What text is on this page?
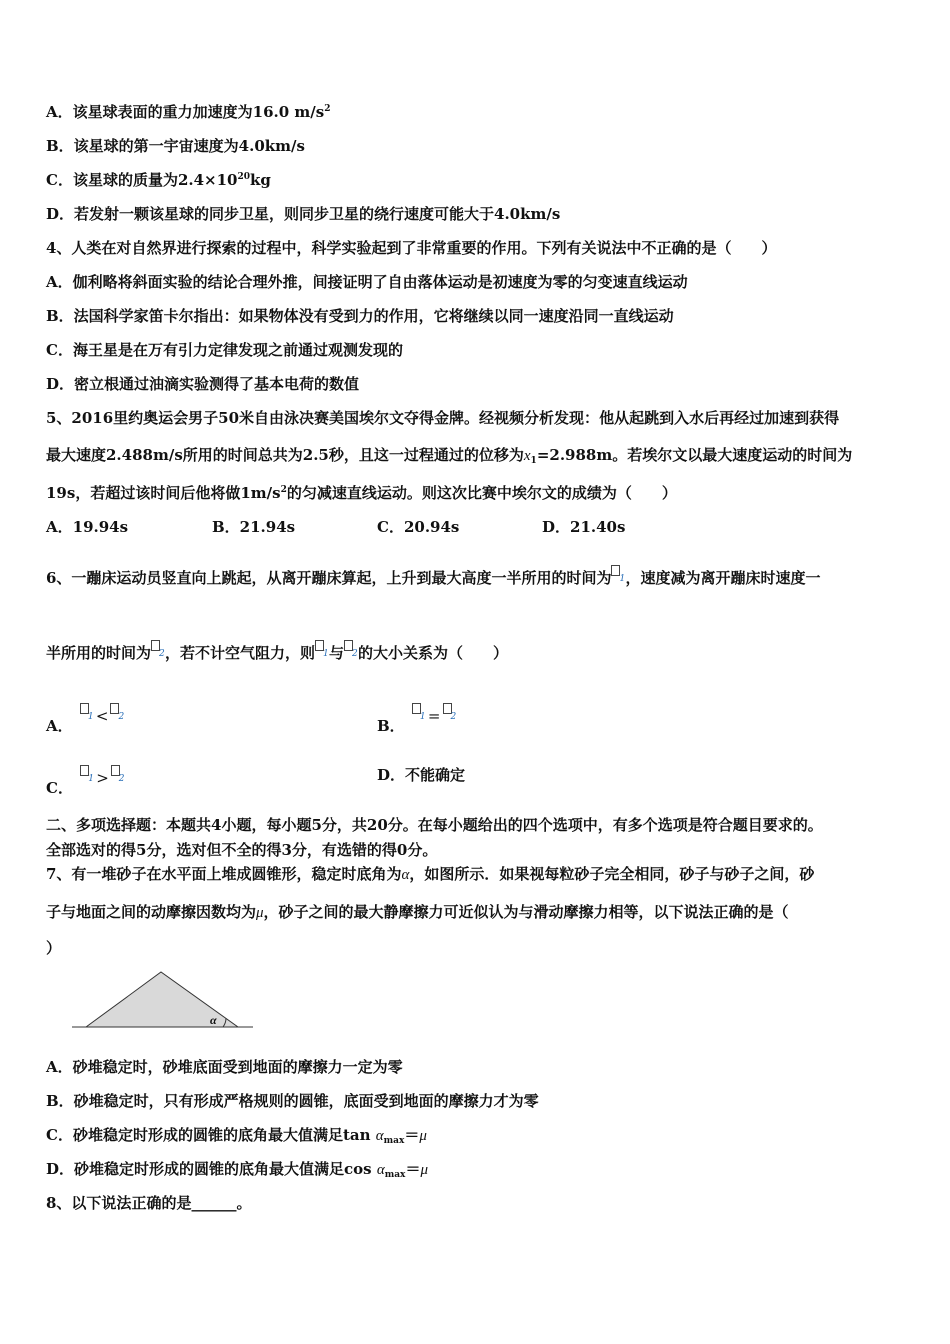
A．该星球表面的重力加速度为16.0 $m/s^2$
B．该星球的第一宇宙速度为4.0km/s
C．该星球的质量为$2.4\times 10^{20}kg$
D．若发射一颗该星球的同步卫星，则同步卫星的绕行速度可能大于4.0km/s
4、人类在对自然界进行探索的过程中，科学实验起到了非常重要的作用。下列有关说法中不正确的是（　　）
A．伽利略将斜面实验的结论合理外推，间接证明了自由落体运动是初速度为零的匀变速直线运动
B．法国科学家笛卡尔指出：如果物体没有受到力的作用，它将继续以同一速度沿同一直线运动
C．海王星是在万有引力定律发现之前通过观测发现的
D．密立根通过油滴实验测得了基本电荷的数值
5、2016里约奥运会男子50米自由泳决赛美国埃尔文夺得金牌。经视频分析发现：他从起跳到入水后再经过加速到获得
最大速度2.488m/s所用的时间总共为2.5秒，且这一过程通过的位移为$x_1=2.988m$。若埃尔文以最大速度运动的时间为
19s，若超过该时间后他将做$1m/s^2$的匀减速直线运动。则这次比赛中埃尔文的成绩为（　　）
A．19.94s	B．21.94s	C．20.94s	D．21.40s
6、一蹦床运动员竖直向上跳起，从离开蹦床算起，上升到最大高度一半所用的时间为 1 ，速度减为离开蹦床时速度一
半所用的时间为 2 ，若不计空气阻力，则 1 与 2 的大小关系为（　　）
A． 1 < 2	B． 1 = 2
C． 1 > 2	D．不能确定
二、多项选择题：本题共4小题，每小题5分，共20分。在每小题给出的四个选项中，有多个选项是符合题目要求的。
全部选对的得5分，选对但不全的得3分，有选错的得0分。
7、有一堆砂子在水平面上堆成圆锥形，稳定时底角为α，如图所示．如果视每粒砂子完全相同，砂子与砂子之间，砂
子与地面之间的动摩擦因数均为μ，砂子之间的最大静摩擦力可近似认为与滑动摩擦力相等，以下说法正确的是（
）
α
A．砂堆稳定时，砂堆底面受到地面的摩擦力一定为零
B．砂堆稳定时，只有形成严格规则的圆锥，底面受到地面的摩擦力才为零
C．砂堆稳定时形成的圆锥的底角最大值满足$\tan \alpha_{max}=\mu$
D．砂堆稳定时形成的圆锥的底角最大值满足$\cos \alpha_{max}=\mu$
8、以下说法正确的是______。
